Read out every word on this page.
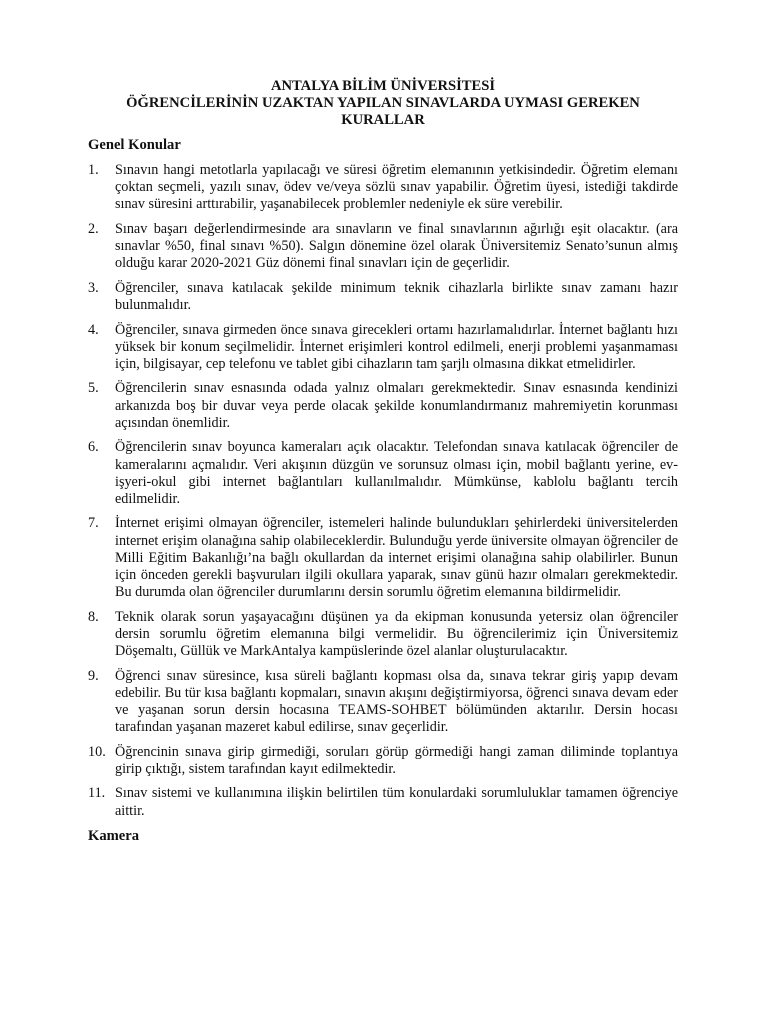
ANTALYA BİLİM ÜNİVERSİTESİ
ÖĞRENCİLERİNİN UZAKTAN YAPILAN SINAVLARDA UYMASI GEREKEN
KURALLAR
Genel Konular
1. Sınavın hangi metotlarla yapılacağı ve süresi öğretim elemanının yetkisindedir. Öğretim elemanı çoktan seçmeli, yazılı sınav, ödev ve/veya sözlü sınav yapabilir. Öğretim üyesi, istediği takdirde sınav süresini arttırabilir, yaşanabilecek problemler nedeniyle ek süre verebilir.
2. Sınav başarı değerlendirmesinde ara sınavların ve final sınavlarının ağırlığı eşit olacaktır. (ara sınavlar %50, final sınavı %50). Salgın dönemine özel olarak Üniversitemiz Senato’sunun almış olduğu karar 2020-2021 Güz dönemi final sınavları için de geçerlidir.
3. Öğrenciler, sınava katılacak şekilde minimum teknik cihazlarla birlikte sınav zamanı hazır bulunmalıdır.
4. Öğrenciler, sınava girmeden önce sınava girecekleri ortamı hazırlamalıdırlar. İnternet bağlantı hızı yüksek bir konum seçilmelidir. İnternet erişimleri kontrol edilmeli, enerji problemi yaşanmaması için, bilgisayar, cep telefonu ve tablet gibi cihazların tam şarjlı olmasına dikkat etmelidirler.
5. Öğrencilerin sınav esnasında odada yalnız olmaları gerekmektedir. Sınav esnasında kendinizi arkanızda boş bir duvar veya perde olacak şekilde konumlandırmanız mahremiyetin korunması açısından önemlidir.
6. Öğrencilerin sınav boyunca kameraları açık olacaktır. Telefondan sınava katılacak öğrenciler de kameralarını açmalıdır. Veri akışının düzgün ve sorunsuz olması için, mobil bağlantı yerine, ev-işyeri-okul gibi internet bağlantıları kullanılmalıdır. Mümkünse, kablolu bağlantı tercih edilmelidir.
7. İnternet erişimi olmayan öğrenciler, istemeleri halinde bulundukları şehirlerdeki üniversitelerden internet erişim olanağına sahip olabileceklerdir. Bulunduğu yerde üniversite olmayan öğrenciler de Milli Eğitim Bakanlığı’na bağlı okullardan da internet erişimi olanağına sahip olabilirler. Bunun için önceden gerekli başvuruları ilgili okullara yaparak, sınav günü hazır olmaları gerekmektedir. Bu durumda olan öğrenciler durumlarını dersin sorumlu öğretim elemanına bildirmelidir.
8. Teknik olarak sorun yaşayacağını düşünen ya da ekipman konusunda yetersiz olan öğrenciler dersin sorumlu öğretim elemanına bilgi vermelidir. Bu öğrencilerimiz için Üniversitemiz Döşemaltı, Güllük ve MarkAntalya kampüslerinde özel alanlar oluşturulacaktır.
9. Öğrenci sınav süresince, kısa süreli bağlantı kopması olsa da, sınava tekrar giriş yapıp devam edebilir. Bu tür kısa bağlantı kopmaları, sınavın akışını değiştirmiyorsa, öğrenci sınava devam eder ve yaşanan sorun dersin hocasına TEAMS-SOHBET bölümünden aktarılır. Dersin hocası tarafından yaşanan mazeret kabul edilirse, sınav geçerlidir.
10. Öğrencinin sınava girip girmediği, soruları görüp görmediği hangi zaman diliminde toplantıya girip çıktığı, sistem tarafından kayıt edilmektedir.
11. Sınav sistemi ve kullanımına ilişkin belirtilen tüm konulardaki sorumluluklar tamamen öğrenciye aittir.
Kamera
